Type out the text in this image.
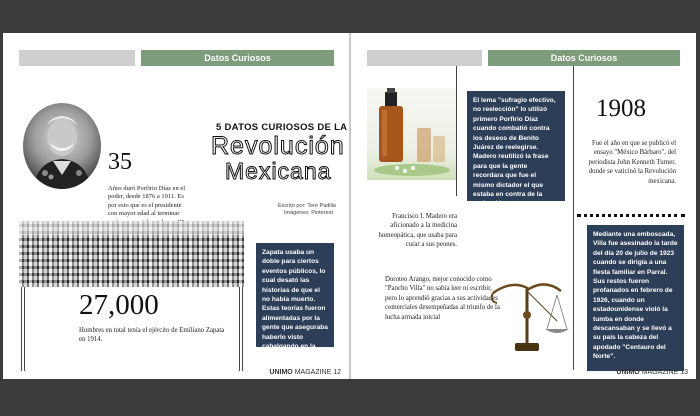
Datos Curiosos
35
Años duró Porfirio Díaz en el poder, desde 1876 a 1911. Es por esto que es el presidente con mayor edad al terminar
5 DATOS CURIOSOS DE LA
Revolución
Mexicana
Escrito por: Tere Padilla
Imágenes: Pinterest
27,000
Hombres en total tenía el ejército de Emiliano Zapata en 1914.
Zapata usaba un doble para ciertos eventos públicos, lo cual desató las historias de que el no había muerto. Estas teorías fueron alimentadas por la gente que aseguraba haberlo visto cabalgando en la región.
UNIMO MAGAZINE 12
Datos Curiosos
Francisco I. Madero era aficionado a la medicina homeopática, que usaba para curar a sus peones.
El lema "sufragio efectivo, no reelección" lo utilizó primero Porfirio Díaz cuando combatió contra los deseos de Benito Juárez de reelegirse. Madero reutilizó la frase para que la gente recordara que fue el mismo dictador el que estaba en contra de la reelección.
1908
Fue el año en que se publicó el ensayo "México Bárbaro", del periodista John Kenneth Turner, donde se vaticinó la Revolución mexicana.
Doroteo Arango, mejor conocido como "Pancho Villa" no sabía leer ni escribir, pero lo aprendió gracias a sus actividades comerciales desempeñadas al triunfo de la lucha armada inicial
Mediante una emboscada, Villa fue asesinado la tarde del día 20 de julio de 1923 cuando se dirigía a una fiesta familiar en Parral. Sus restos fueron profanados en febrero de 1926, cuando un estadounidense violó la tumba en donde descansaban y se llevó a su país la cabeza del apodado "Centauro del Norte".
UNIMO MAGAZINE 13
